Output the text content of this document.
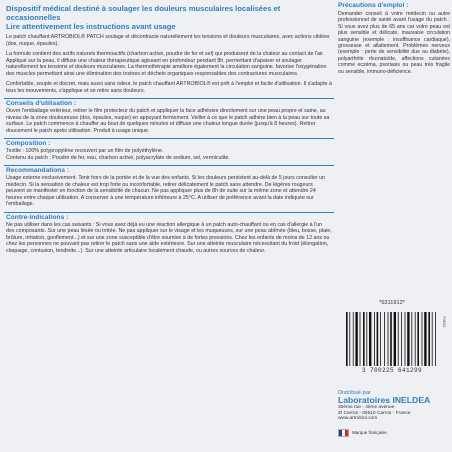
Dispositif médical destiné à soulager les douleurs musculaires localisées et occasionnelles
Lire attentivement les instructions avant usage

Le patch chauffant ARTROBIOL® PATCH soulage et décontracte naturellement les tensions et douleurs musculaires, avec actions ciblées (dos, nuque, épaules).

La formule contient des actifs naturels thermoactifs (charbon activé, poudre de fer et sel) qui produisent de la chaleur au contact de l'air. Appliqué sur la peau, il diffuse une chaleur thérapeutique agissant en profondeur pendant 8h, permettant d'apaiser et soulager naturellement les tensions et douleurs musculaires. La thermothérapie améliore également la circulation sanguine, favorise l'oxygénation des muscles permettant ainsi une élimination des toxines et déchets organiques responsables des contractures musculaires.

Confortable, souple et discret, mais aussi sans odeur, le patch chauffant ARTROBIOL® est prêt à l'emploi et facile d'utilisation. Il s'adapte à tous les mouvements, s'applique et se retire sans douleurs.

Conseils d'utilisation :

Ouvrir l'emballage extérieur, retirer le film protecteur du patch et appliquer la face adhésive directement sur une peau propre et saine, au niveau de la zone douloureuse (dos, épaules, nuque) en appuyant fermement. Veiller à ce que le patch adhère bien à la peau sur toute sa surface. Le patch commence à chauffer au bout de quelques minutes et diffuse une chaleur longue durée (jusqu'à 8 heures). Retirer doucement le patch après utilisation. Produit à usage unique.

Composition :

Textile : 100% polypropylène recouvert par un film de polyéthylène.

Contenu du patch : Poudre de fer, eau, charbon activé, polyacrylate de sodium, sel, vermiculite.

Recommandations :

Usage externe exclusivement. Tenir hors de la portée et de la vue des enfants. Si les douleurs persistent au-delà de 5 jours consulter un médecin. Si la sensation de chaleur est trop forte ou inconfortable, retirer délicatement le patch sans attendre. De légères rougeurs peuvent se manifester en fonction de la sensibilité de chacun. Ne pas appliquer plus de 8h de suite sur la même zone et attendre 24 heures entre chaque utilisation. A conserver à une température inférieure à 25°C. A utiliser de préférence avant la date indiquée sur l'emballage.

Contre-indications :

Ne pas utiliser dans les cas suivants : Si vous avez déjà eu une réaction allergique à un patch auto-chauffant ou en cas d'allergie à l'un des composants. Sur une peau lésée ou irritée. Ne pas appliquer sur le visage et les muqueuses, sur une peau abîmée (bleu, bosse, plaie, brûlure, irritation, gonflement...) et sur une zone susceptible d'être soumise à de fortes pressions. Chez les enfants de moins de 12 ans ou chez les personnes ne pouvant pas retirer le patch sans une aide extérieure. Sur une atteinte musculaire nécessitant du froid (élongation, claquage, contusion, tendinite...). Sur une atteinte articulaire localement chaude, ou autres sources de chaleur.

Précautions d'emploi :
Demander conseil à votre médecin ou autre professionnel de santé avant l'usage du patch : Si vous avez plus de 65 ans car votre peau est plus sensible et délicate, mauvaise circulation sanguine (exemple : insuffisance cardiaque), grossesse et allaitement. Problèmes nerveux (exemple : perte de sensibilité due au diabète), polyarthrite rhumatoïde, affections cutanées comme eczéma, psoriasis ou peau très fragile ou sensible, immuno-déficience.
*6311912*
3 700225 641299
FM001
Distribué par
Laboratoires INELDEA
30ème rue - 4ème avenue
ZI Carros - 06510 Carros - France
www.artrobiol.com
Marque française
